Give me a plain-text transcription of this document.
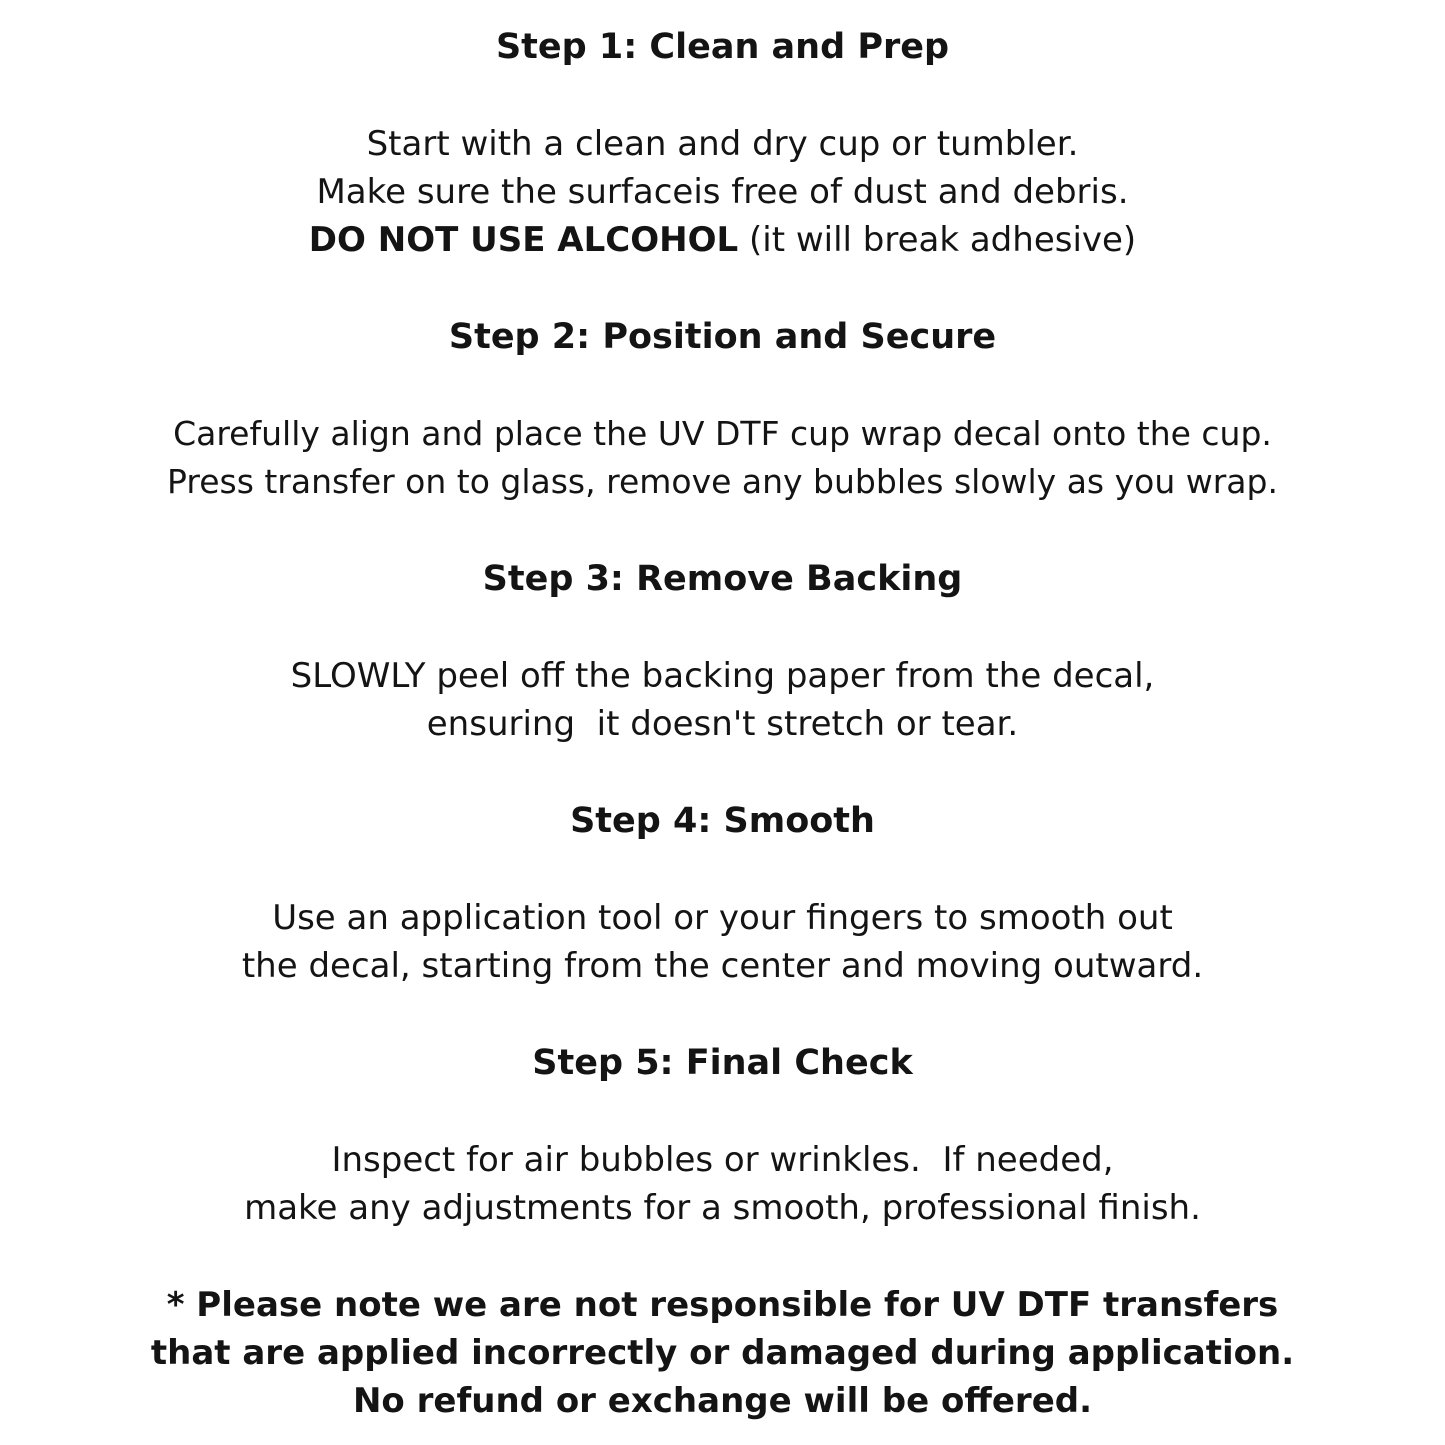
Step 1: Clean and Prep
Start with a clean and dry cup or tumbler.
Make sure the surfaceis free of dust and debris.
DO NOT USE ALCOHOL (it will break adhesive)
Step 2: Position and Secure
Carefully align and place the UV DTF cup wrap decal onto the cup.
Press transfer on to glass, remove any bubbles slowly as you wrap.
Step 3: Remove Backing
SLOWLY peel off the backing paper from the decal,
ensuring  it doesn't stretch or tear.
Step 4: Smooth
Use an application tool or your fingers to smooth out
the decal, starting from the center and moving outward.
Step 5: Final Check
Inspect for air bubbles or wrinkles.  If needed,
make any adjustments for a smooth, professional finish.
* Please note we are not responsible for UV DTF transfers
that are applied incorrectly or damaged during application.
No refund or exchange will be offered.
